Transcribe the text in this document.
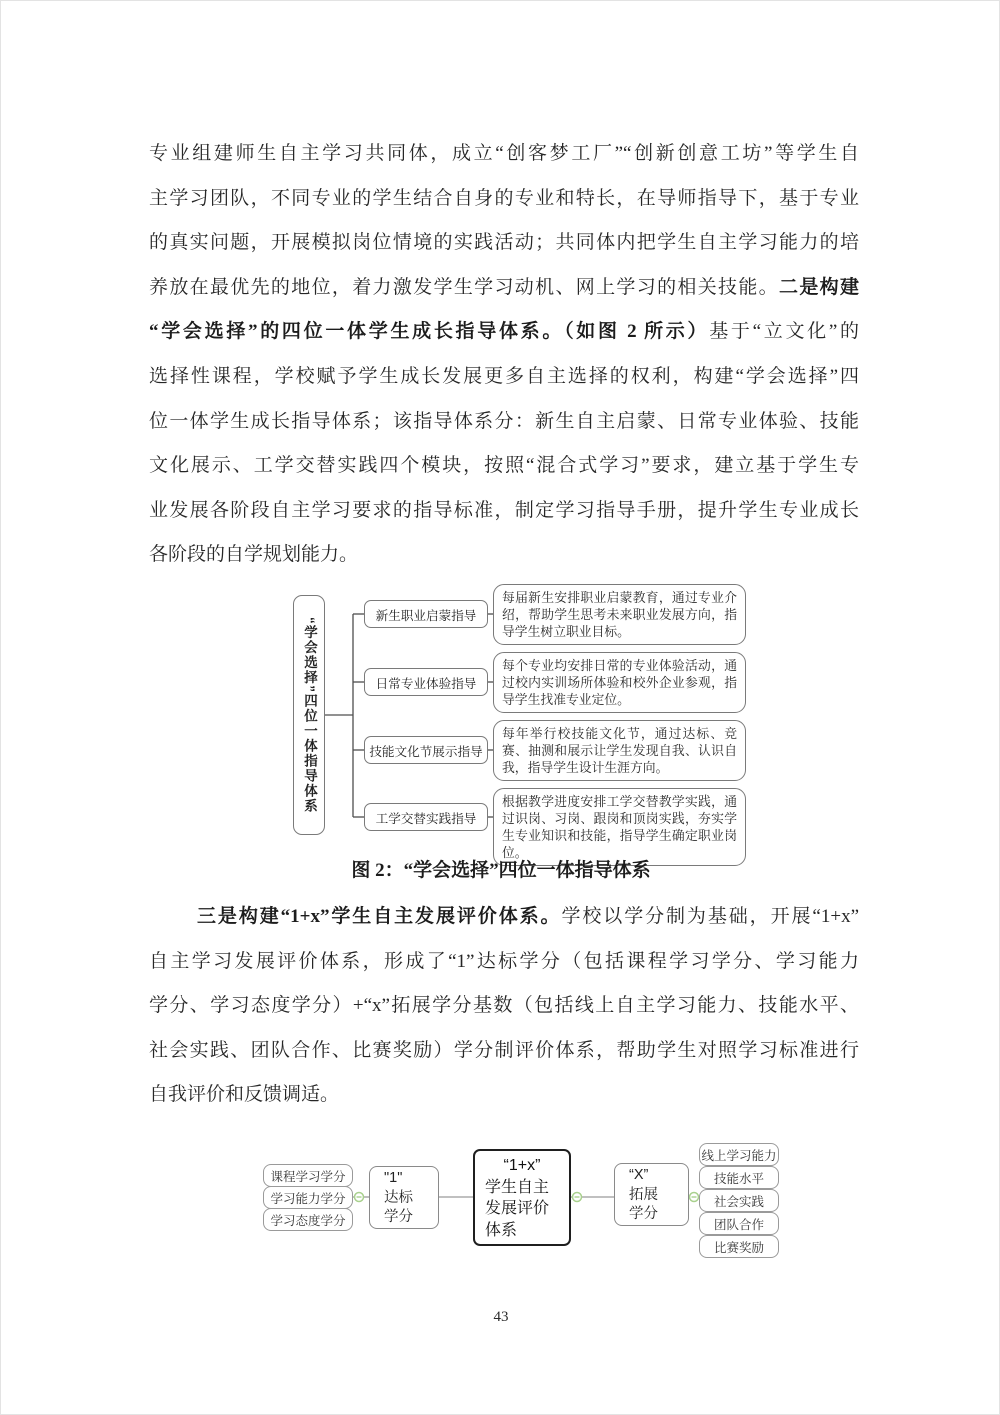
专业组建师生自主学习共同体，成立“创客梦工厂”“创新创意工坊”等学生自
主学习团队，不同专业的学生结合自身的专业和特长，在导师指导下，基于专业
的真实问题，开展模拟岗位情境的实践活动；共同体内把学生自主学习能力的培
养放在最优先的地位，着力激发学生学习动机、网上学习的相关技能。二是构建
“学会选择”的四位一体学生成长指导体系。（如图 2 所示）基于“立文化”的
选择性课程，学校赋予学生成长发展更多自主选择的权利，构建“学会选择”四
位一体学生成长指导体系；该指导体系分：新生自主启蒙、日常专业体验、技能
文化展示、工学交替实践四个模块，按照“混合式学习”要求，建立基于学生专
业发展各阶段自主学习要求的指导标准，制定学习指导手册，提升学生专业成长
各阶段的自学规划能力。
“学会选择”四位一体指导体系
新生职业启蒙指导
每届新生安排职业启蒙教育，通过专业介绍，帮助学生思考未来职业发展方向，指导学生树立职业目标。
日常专业体验指导
每个专业均安排日常的专业体验活动，通过校内实训场所体验和校外企业参观，指导学生找准专业定位。
技能文化节展示指导
每年举行校技能文化节，通过达标、竞赛、抽测和展示让学生发现自我、认识自我，指导学生设计生涯方向。
工学交替实践指导
根据教学进度安排工学交替教学实践，通过识岗、习岗、跟岗和顶岗实践，夯实学生专业知识和技能，指导学生确定职业岗位。
图 2：“学会选择”四位一体指导体系
三是构建“1+x”学生自主发展评价体系。学校以学分制为基础，开展“1+x”
自主学习发展评价体系，形成了“1”达标学分（包括课程学习学分、学习能力
学分、学习态度学分）+“x”拓展学分基数（包括线上自主学习能力、技能水平、
社会实践、团队合作、比赛奖励）学分制评价体系，帮助学生对照学习标准进行
自我评价和反馈调适。
课程学习学分
学习能力学分
学习态度学分
"1"
达标
学分
“1+x”
学生自主
发展评价
体系
“X”
拓展
学分
线上学习能力
技能水平
社会实践
团队合作
比赛奖励
43
